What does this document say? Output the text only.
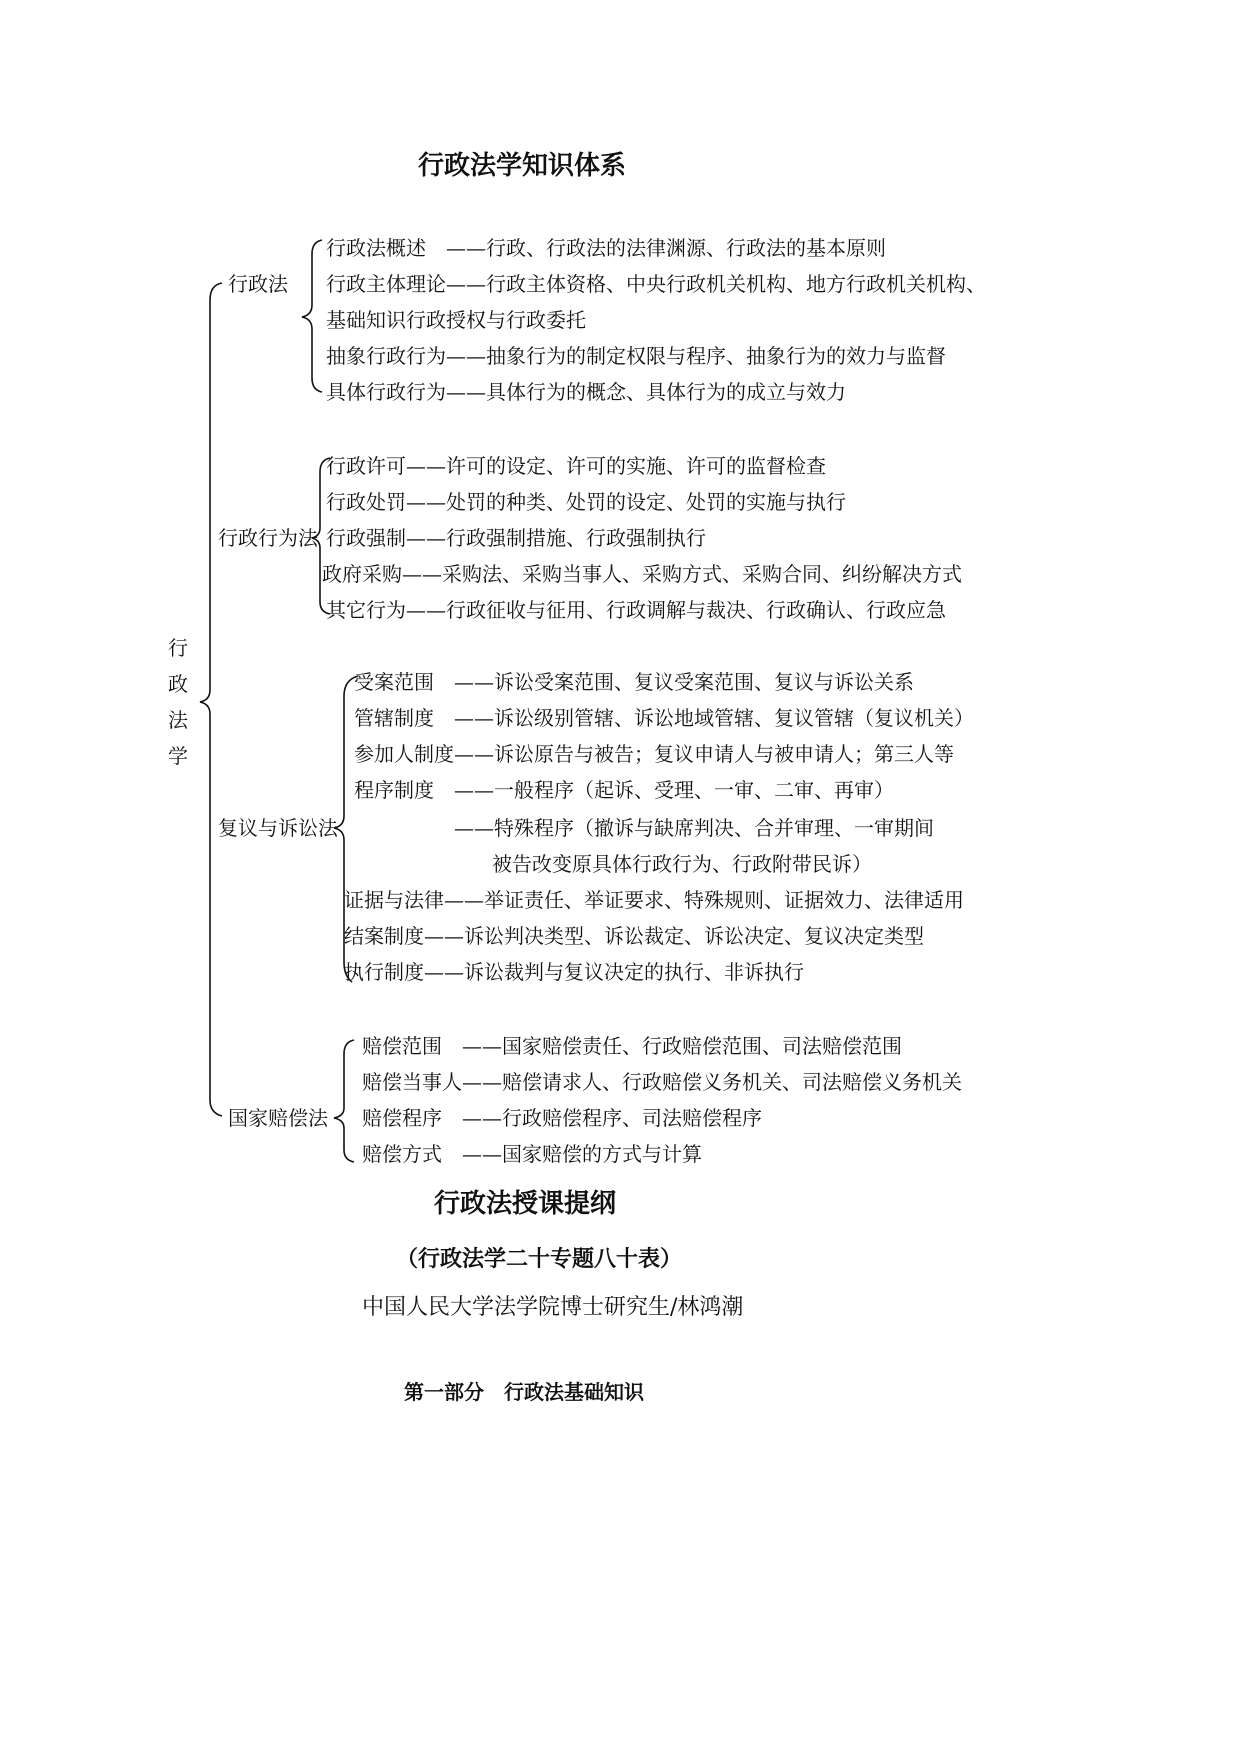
行政法学知识体系
行
政
法
学
行政法
行政法概述　——行政、行政法的法律渊源、行政法的基本原则
行政主体理论——行政主体资格、中央行政机关机构、地方行政机关机构、
基础知识行政授权与行政委托
抽象行政行为——抽象行为的制定权限与程序、抽象行为的效力与监督
具体行政行为——具体行为的概念、具体行为的成立与效力
行政行为法
行政许可——许可的设定、许可的实施、许可的监督检查
行政处罚——处罚的种类、处罚的设定、处罚的实施与执行
行政强制——行政强制措施、行政强制执行
政府采购——采购法、采购当事人、采购方式、采购合同、纠纷解决方式
其它行为——行政征收与征用、行政调解与裁决、行政确认、行政应急
复议与诉讼法
受案范围　——诉讼受案范围、复议受案范围、复议与诉讼关系
管辖制度　——诉讼级别管辖、诉讼地域管辖、复议管辖（复议机关）
参加人制度——诉讼原告与被告；复议申请人与被申请人；第三人等
程序制度　——一般程序（起诉、受理、一审、二审、再审）
——特殊程序（撤诉与缺席判决、合并审理、一审期间
被告改变原具体行政行为、行政附带民诉）
证据与法律——举证责任、举证要求、特殊规则、证据效力、法律适用
结案制度——诉讼判决类型、诉讼裁定、诉讼决定、复议决定类型
执行制度——诉讼裁判与复议决定的执行、非诉执行
国家赔偿法
赔偿范围　——国家赔偿责任、行政赔偿范围、司法赔偿范围
赔偿当事人——赔偿请求人、行政赔偿义务机关、司法赔偿义务机关
赔偿程序　——行政赔偿程序、司法赔偿程序
赔偿方式　——国家赔偿的方式与计算
行政法授课提纲
（行政法学二十专题八十表）
中国人民大学法学院博士研究生/林鸿潮
第一部分　行政法基础知识
